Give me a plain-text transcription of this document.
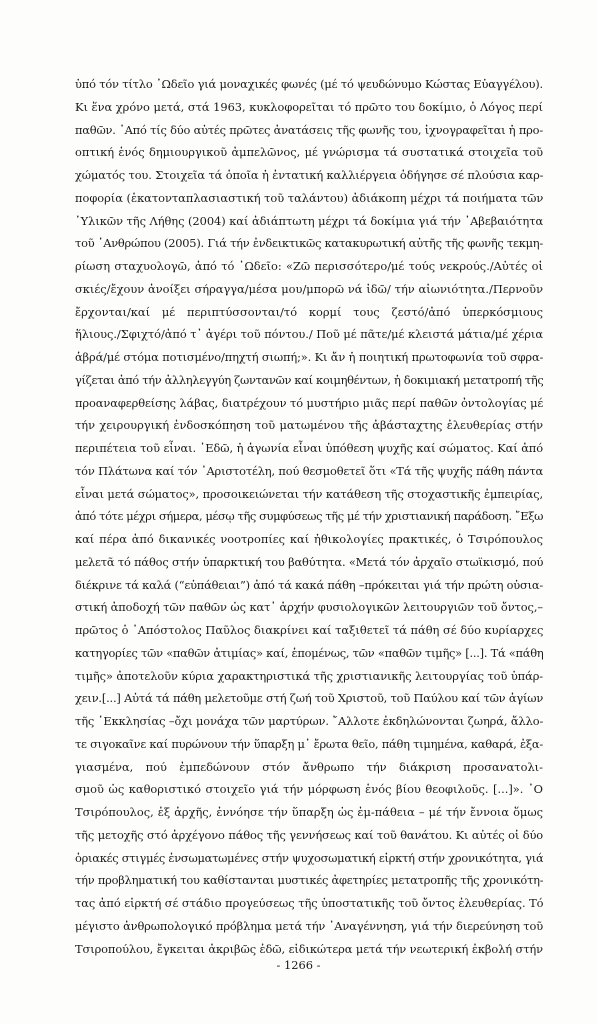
ὑπό τόν τίτλο ᾿Ωδεῖο γιά μοναχικές φωνές (μέ τό ψευδώνυμο Κώστας Εὐαγγέλου).
Κι ἕνα χρόνο μετά, στά 1963, κυκλοφορεῖται τό πρῶτο του δοκίμιο, ὁ Λόγος περί
παθῶν. ᾿Από τίς δύο αὐτές πρῶτες ἀνατάσεις τῆς φωνῆς του, ἰχνογραφεῖται ἡ προ-
οπτική ἑνός δημιουργικοῦ ἀμπελῶνος, μέ γνώρισμα τά συστατικά στοιχεῖα τοῦ
χώματός του. Στοιχεῖα τά ὁποῖα ἡ ἐντατική καλλιέργεια ὁδήγησε σέ πλούσια καρ-
ποφορία (ἑκατονταπλασιαστική τοῦ ταλάντου) ἀδιάκοπη μέχρι τά ποιήματα τῶν
῾Υλικῶν τῆς Λήθης (2004) καί ἀδιάπτωτη μέχρι τά δοκίμια γιά τήν ᾿Αβεβαιότητα
τοῦ ᾿Ανθρώπου (2005). Γιά τήν ἐνδεικτικῶς κατακυρωτική αὐτῆς τῆς φωνῆς τεκμη-
ρίωση σταχυολογῶ, ἀπό τό ᾿Ωδεῖο: «Ζῶ περισσότερο/μέ τούς νεκρούς./Αὐτές οἱ
σκιές/ἔχουν ἀνοίξει σήραγγα/μέσα μου/μπορῶ νά ἰδῶ/ τήν αἰωνιότητα./Περνοῦν
ἔρχονται/καί μέ περιπτύσσονται/τό κορμί τους ζεστό/ἀπό ὑπερκόσμιους
ἥλιους./Σφιχτό/ἀπό τ᾿ ἀγέρι τοῦ πόντου./ Ποῦ μέ πᾶτε/μέ κλειστά μάτια/μέ χέρια
ἁβρά/μέ στόμα ποτισμένο/πηχτή σιωπή;». Κι ἄν ἡ ποιητική πρωτοφωνία τοῦ σφρα-
γίζεται ἀπό τήν ἀλληλεγγύη ζωντανῶν καί κοιμηθέντων, ἡ δοκιμιακή μετατροπή τῆς
προαναφερθείσης λάβας, διατρέχουν τό μυστήριο μιᾶς περί παθῶν ὀντολογίας μέ
τήν χειρουργική ἐνδοσκόπηση τοῦ ματωμένου τῆς ἀβάσταχτης ἐλευθερίας στήν
περιπέτεια τοῦ εἶναι. ᾿Εδῶ, ἡ ἀγωνία εἶναι ὑπόθεση ψυχῆς καί σώματος. Καί ἀπό
τόν Πλάτωνα καί τόν ᾿Αριστοτέλη, πού θεσμοθετεῖ ὅτι «Τά τῆς ψυχῆς πάθη πάντα
εἶναι μετά σώματος», προσοικειώνεται τήν κατάθεση τῆς στοχαστικῆς ἐμπειρίας,
ἀπό τότε μέχρι σήμερα, μέσῳ τῆς συμφύσεως τῆς μέ τήν χριστιανική παράδοση. ῎Εξω
καί πέρα ἀπό δικανικές νοοτροπίες καί ἠθικολογίες πρακτικές, ὁ Τσιρόπουλος
μελετᾶ τό πάθος στήν ὑπαρκτική του βαθύτητα. «Μετά τόν ἀρχαῖο στωϊκισμό, πού
διέκρινε τά καλά (“εὐπάθειαι”) ἀπό τά κακά πάθη –πρόκειται γιά τήν πρώτη οὐσια-
στική ἀποδοχή τῶν παθῶν ὡς κατ᾿ ἀρχήν φυσιολογικῶν λειτουργιῶν τοῦ ὄντος,–
πρῶτος ὁ ᾿Απόστολος Παῦλος διακρίνει καί ταξιθετεῖ τά πάθη σέ δύο κυρίαρχες
κατηγορίες τῶν «παθῶν ἀτιμίας» καί, ἑπομένως, τῶν «παθῶν τιμῆς» [...]. Τά «πάθη
τιμῆς» ἀποτελοῦν κύρια χαρακτηριστικά τῆς χριστιανικῆς λειτουργίας τοῦ ὑπάρ-
χειν.[...] Αὐτά τά πάθη μελετοῦμε στή ζωή τοῦ Χριστοῦ, τοῦ Παύλου καί τῶν ἁγίων
τῆς ᾿Εκκλησίας –ὄχι μονάχα τῶν μαρτύρων. ῎Αλλοτε ἐκδηλώνονται ζωηρά, ἄλλο-
τε σιγοκαῖνε καί πυρώνουν τήν ὕπαρξη μ᾿ ἔρωτα θεῖο, πάθη τιμημένα, καθαρά, ἐξα-
γιασμένα, πού ἐμπεδώνουν στόν ἄνθρωπο τήν διάκριση προσανατολι-
σμοῦ ὡς καθοριστικό στοιχεῖο γιά τήν μόρφωση ἑνός βίου θεοφιλοῦς. [...]». ᾿Ο
Τσιρόπουλος, ἐξ ἀρχῆς, ἐννόησε τήν ὕπαρξη ὡς ἐμ-πάθεια – μέ τήν ἔννοια ὅμως
τῆς μετοχῆς στό ἀρχέγονο πάθος τῆς γεννήσεως καί τοῦ θανάτου. Κι αὐτές οἱ δύο
ὁριακές στιγμές ἐνσωματωμένες στήν ψυχοσωματική εἱρκτή στήν χρονικότητα, γιά
τήν προβληματική του καθίστανται μυστικές ἀφετηρίες μετατροπῆς τῆς χρονικότη-
τας ἀπό εἱρκτή σέ στάδιο προγεύσεως τῆς ὑποστατικῆς τοῦ ὄντος ἐλευθερίας. Τό
μέγιστο ἀνθρωπολογικό πρόβλημα μετά τήν ᾿Αναγέννηση, γιά τήν διερεύνηση τοῦ
Τσιροπούλου, ἔγκειται ἀκριβῶς ἐδῶ, εἰδικώτερα μετά τήν νεωτερική ἐκβολή στήν
- 1266 -
